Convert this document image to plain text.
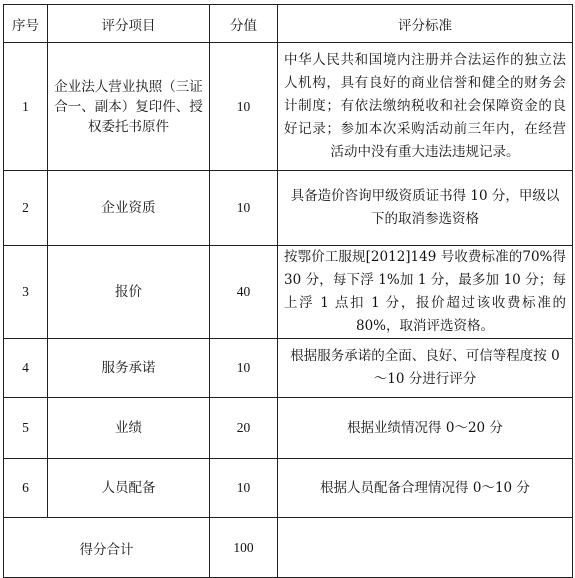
序号	评分项目	分值	评分标准
1	企业法人营业执照（三证合一、副本）复印件、授权委托书原件	10	中华人民共和国境内注册并合法运作的独立法人机构，具有良好的商业信誉和健全的财务会计制度；有依法缴纳税收和社会保障资金的良好记录；参加本次采购活动前三年内，在经营活动中没有重大违法违规记录。
2	企业资质	10	具备造价咨询甲级资质证书得 10 分，甲级以下的取消参选资格
3	报价	40	按鄂价工服规[2012]149 号收费标准的70%得 30 分，每下浮 1%加 1 分，最多加 10 分；每上浮 1 点扣 1 分，报价超过该收费标准的 80%，取消评选资格。
4	服务承诺	10	根据服务承诺的全面、良好、可信等程度按 0～10 分进行评分
5	业绩	20	根据业绩情况得 0～20 分
6	人员配备	10	根据人员配备合理情况得 0～10 分
得分合计		100	
